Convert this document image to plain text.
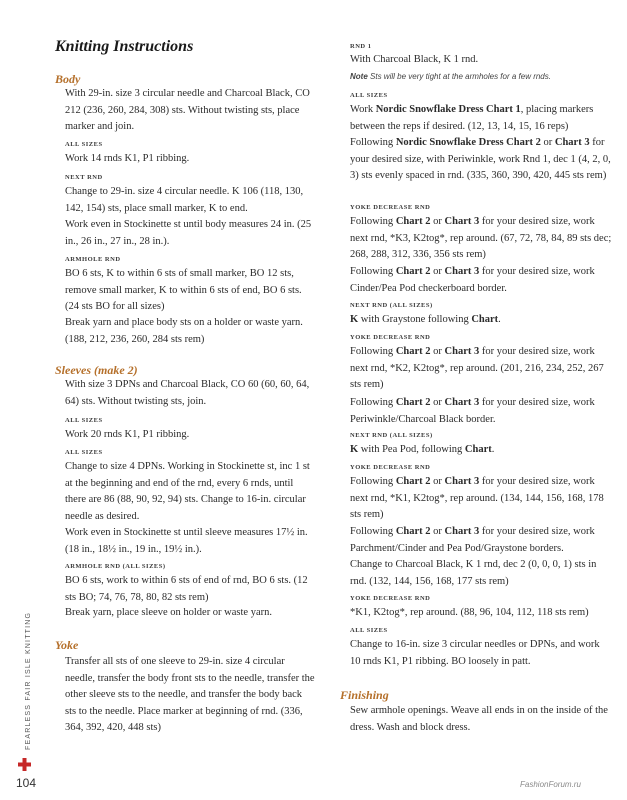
Knitting Instructions
Body
With 29-in. size 3 circular needle and Charcoal Black, CO 212 (236, 260, 284, 308) sts. Without twisting sts, place marker and join.
ALL SIZES
Work 14 rnds K1, P1 ribbing.
NEXT RND
Change to 29-in. size 4 circular needle. K 106 (118, 130, 142, 154) sts, place small marker, K to end.
Work even in Stockinette st until body measures 24 in. (25 in., 26 in., 27 in., 28 in.).
ARMHOLE RND
BO 6 sts, K to within 6 sts of small marker, BO 12 sts, remove small marker, K to within 6 sts of end, BO 6 sts. (24 sts BO for all sizes)
Break yarn and place body sts on a holder or waste yarn. (188, 212, 236, 260, 284 sts rem)
Sleeves (make 2)
With size 3 DPNs and Charcoal Black, CO 60 (60, 60, 64, 64) sts. Without twisting sts, join.
ALL SIZES
Work 20 rnds K1, P1 ribbing.
ALL SIZES
Change to size 4 DPNs. Working in Stockinette st, inc 1 st at the beginning and end of the rnd, every 6 rnds, until there are 86 (88, 90, 92, 94) sts. Change to 16-in. circular needle as desired.
Work even in Stockinette st until sleeve measures 17½ in. (18 in., 18½ in., 19 in., 19½ in.).
ARMHOLE RND (ALL SIZES)
BO 6 sts, work to within 6 sts of end of rnd, BO 6 sts. (12 sts BO; 74, 76, 78, 80, 82 sts rem)
Break yarn, place sleeve on holder or waste yarn.
Yoke
Transfer all sts of one sleeve to 29-in. size 4 circular needle, transfer the body front sts to the needle, transfer the other sleeve sts to the needle, and transfer the body back sts to the needle. Place marker at beginning of rnd. (336, 364, 392, 420, 448 sts)
RND 1
With Charcoal Black, K 1 rnd.
Note Sts will be very tight at the armholes for a few rnds.
ALL SIZES
Work Nordic Snowflake Dress Chart 1, placing markers between the reps if desired. (12, 13, 14, 15, 16 reps)
Following Nordic Snowflake Dress Chart 2 or Chart 3 for your desired size, with Periwinkle, work Rnd 1, dec 1 (4, 2, 0, 3) sts evenly spaced in rnd. (335, 360, 390, 420, 445 sts rem)
YOKE DECREASE RND
Following Chart 2 or Chart 3 for your desired size, work next rnd, *K3, K2tog*, rep around. (67, 72, 78, 84, 89 sts dec; 268, 288, 312, 336, 356 sts rem)
Following Chart 2 or Chart 3 for your desired size, work Cinder/Pea Pod checkerboard border.
NEXT RND (ALL SIZES)
K with Graystone following Chart.
YOKE DECREASE RND
Following Chart 2 or Chart 3 for your desired size, work next rnd, *K2, K2tog*, rep around. (201, 216, 234, 252, 267 sts rem)
Following Chart 2 or Chart 3 for your desired size, work Periwinkle/Charcoal Black border.
NEXT RND (ALL SIZES)
K with Pea Pod, following Chart.
YOKE DECREASE RND
Following Chart 2 or Chart 3 for your desired size, work next rnd, *K1, K2tog*, rep around. (134, 144, 156, 168, 178 sts rem)
Following Chart 2 or Chart 3 for your desired size, work Parchment/Cinder and Pea Pod/Graystone borders.
Change to Charcoal Black, K 1 rnd, dec 2 (0, 0, 0, 1) sts in rnd. (132, 144, 156, 168, 177 sts rem)
YOKE DECREASE RND
*K1, K2tog*, rep around. (88, 96, 104, 112, 118 sts rem)
ALL SIZES
Change to 16-in. size 3 circular needles or DPNs, and work 10 rnds K1, P1 ribbing. BO loosely in patt.
Finishing
Sew armhole openings. Weave all ends in on the inside of the dress. Wash and block dress.
FEARLESS FAIR ISLE KNITTING
104	FashionForum.ru
